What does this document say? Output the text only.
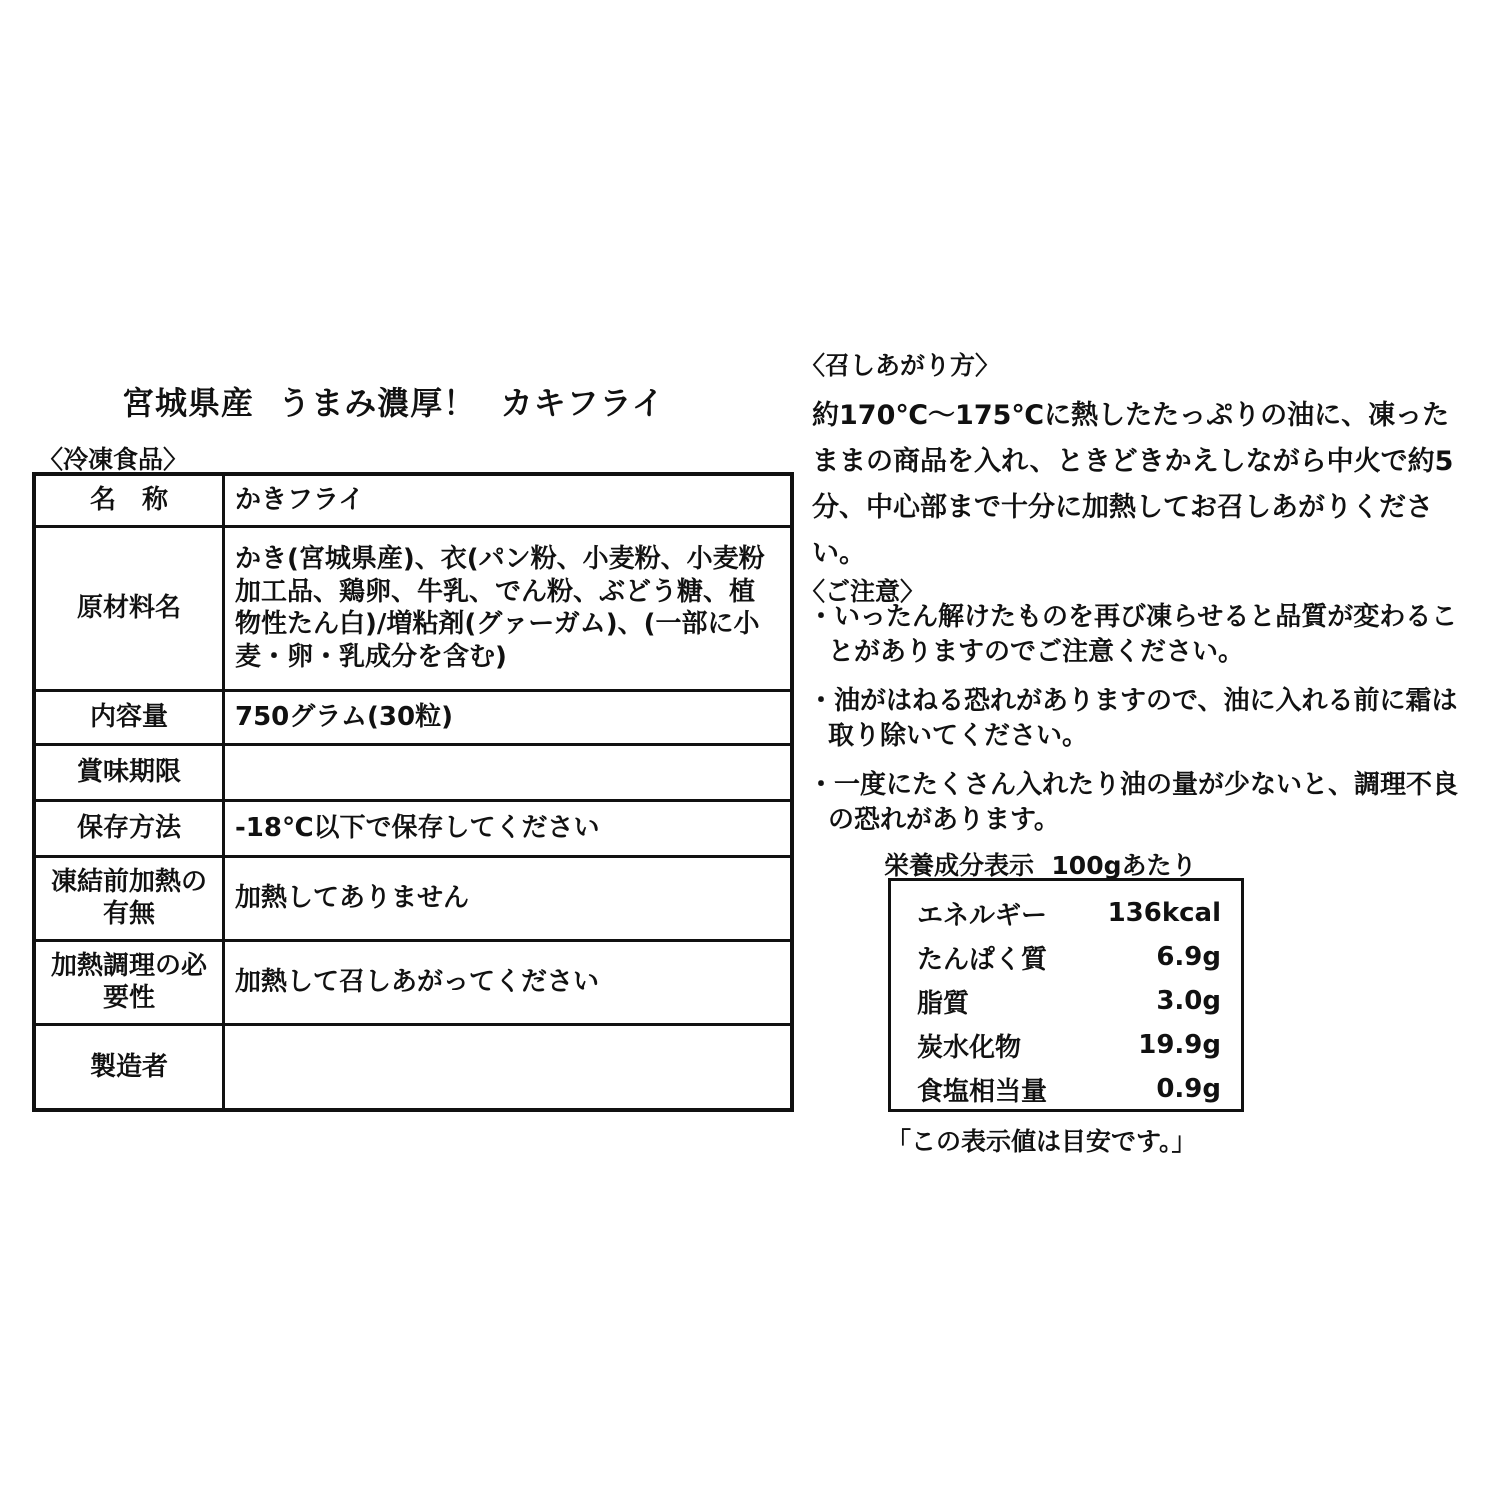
宮城県産  うまみ濃厚！  カキフライ
〈冷凍食品〉
名　称	かきフライ
原材料名	かき(宮城県産)、衣(パン粉、小麦粉、小麦粉加工品、鶏卵、牛乳、でん粉、ぶどう糖、植物性たん白)/増粘剤(グァーガム)、(一部に小麦・卵・乳成分を含む)
内容量	750グラム(30粒)
賞味期限	
保存方法	-18℃以下で保存してください
凍結前加熱の有無	加熱してありません
加熱調理の必要性	加熱して召しあがってください
製造者	
〈召しあがり方〉
約170℃～175℃に熱したたっぷりの油に、凍ったままの商品を入れ、ときどきかえしながら中火で約5分、中心部まで十分に加熱してお召しあがりください。
〈ご注意〉
・いったん解けたものを再び凍らせると品質が変わることがありますのでご注意ください。
・油がはねる恐れがありますので、油に入れる前に霜は取り除いてください。
・一度にたくさん入れたり油の量が少ないと、調理不良の恐れがあります。
栄養成分表示  100gあたり
エネルギー 136kcal
たんぱく質	6.9g
脂質	3.0g
炭水化物	19.9g
食塩相当量	0.9g
「この表示値は目安です。」
